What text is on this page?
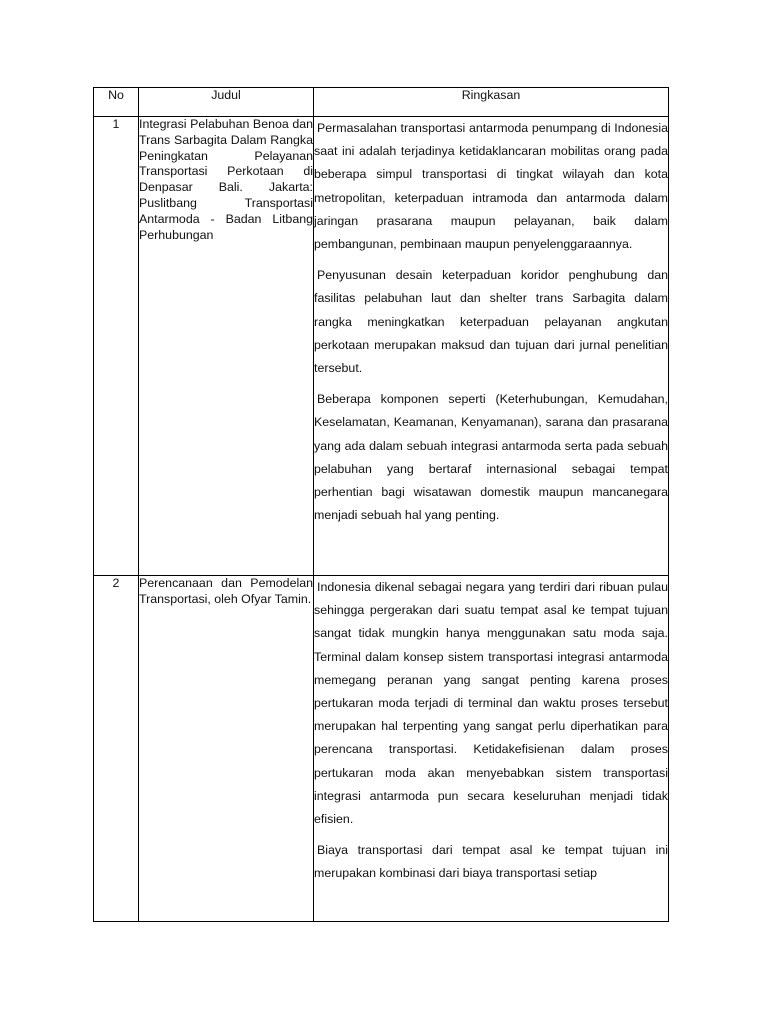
No	Judul	Ringkasan
1	Integrasi Pelabuhan Benoa dan Trans Sarbagita Dalam Rangka Peningkatan Pelayanan Transportasi Perkotaan di Denpasar Bali. Jakarta: Puslitbang Transportasi Antarmoda - Badan Litbang Perhubungan	Permasalahan transportasi antarmoda penumpang di Indonesia saat ini adalah terjadinya ketidaklancaran mobilitas orang pada beberapa simpul transportasi di tingkat wilayah dan kota metropolitan, keterpaduan intramoda dan antarmoda dalam jaringan prasarana maupun pelayanan, baik dalam pembangunan, pembinaan maupun penyelenggaraannya.

Penyusunan desain keterpaduan koridor penghubung dan fasilitas pelabuhan laut dan shelter trans Sarbagita dalam rangka meningkatkan keterpaduan pelayanan angkutan perkotaan merupakan maksud dan tujuan dari jurnal penelitian tersebut.

Beberapa komponen seperti (Keterhubungan, Kemudahan, Keselamatan, Keamanan, Kenyamanan), sarana dan prasarana yang ada dalam sebuah integrasi antarmoda serta pada sebuah pelabuhan yang bertaraf internasional sebagai tempat perhentian bagi wisatawan domestik maupun mancanegara menjadi sebuah hal yang penting.

2	Perencanaan dan Pemodelan Transportasi, oleh Ofyar Tamin.	Indonesia dikenal sebagai negara yang terdiri dari ribuan pulau sehingga pergerakan dari suatu tempat asal ke tempat tujuan sangat tidak mungkin hanya menggunakan satu moda saja. Terminal dalam konsep sistem transportasi integrasi antarmoda memegang peranan yang sangat penting karena proses pertukaran moda terjadi di terminal dan waktu proses tersebut merupakan hal terpenting yang sangat perlu diperhatikan para perencana transportasi. Ketidakefisienan dalam proses pertukaran moda akan menyebabkan sistem transportasi integrasi antarmoda pun secara keseluruhan menjadi tidak efisien.

Biaya transportasi dari tempat asal ke tempat tujuan ini merupakan kombinasi dari biaya transportasi setiap
